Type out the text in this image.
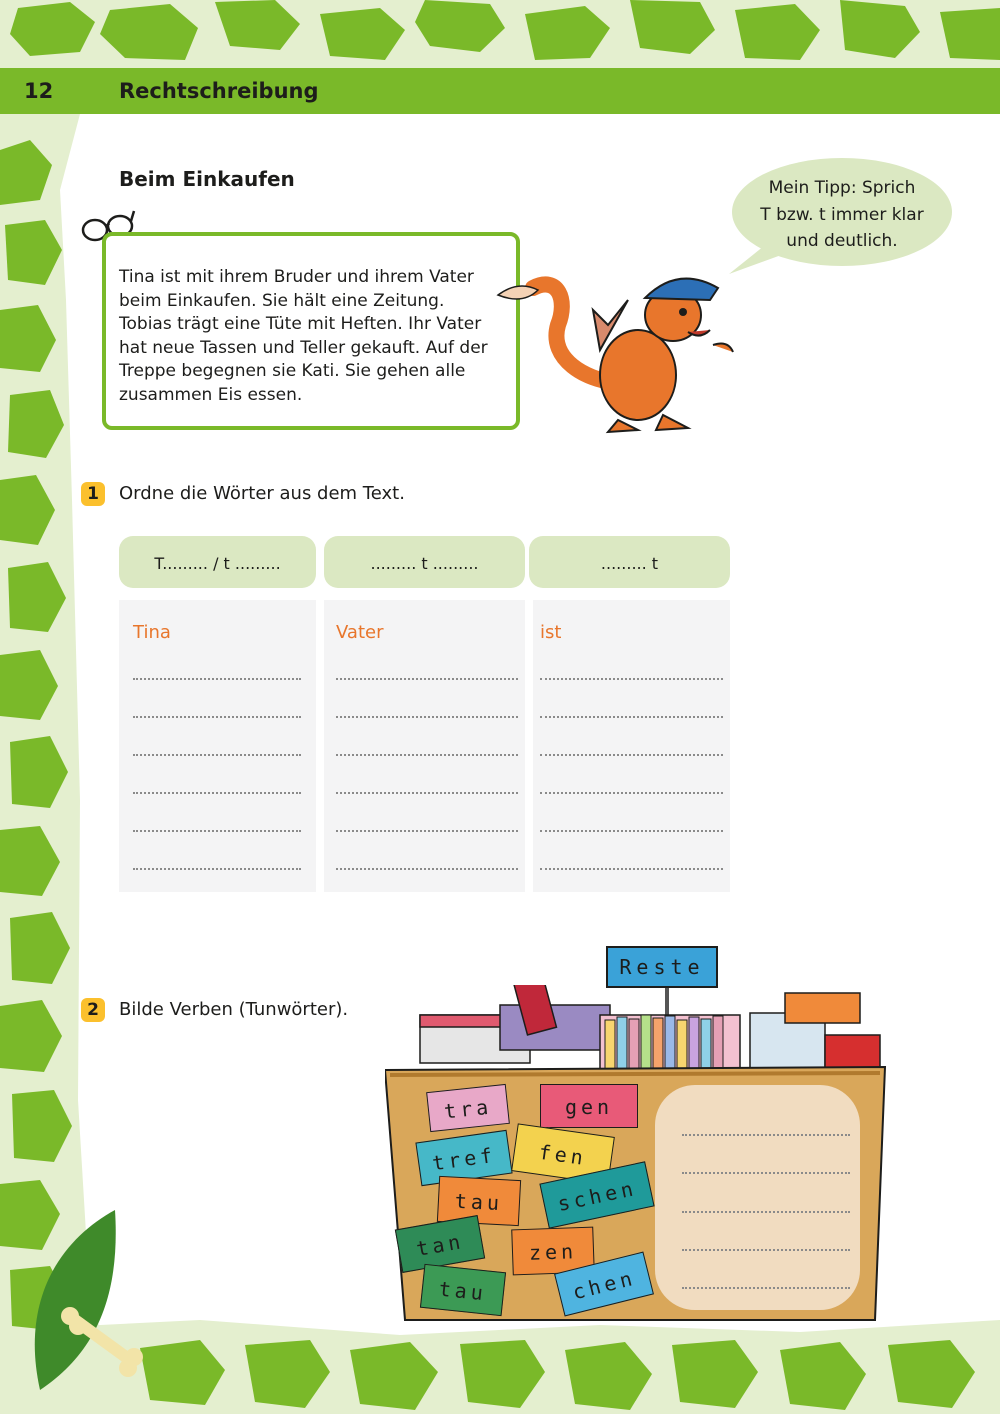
12	Rechtschreibung
Beim Einkaufen
Tina ist mit ihrem Bruder und ihrem Vater
beim Einkaufen. Sie hält eine Zeitung.
Tobias trägt eine Tüte mit Heften. Ihr Vater
hat neue Tassen und Teller gekauft. Auf der
Treppe begegnen sie Kati. Sie gehen alle
zusammen Eis essen.
Mein Tipp: Sprich
T bzw. t immer klar
und deutlich.
1	Ordne die Wörter aus dem Text.
T......... / t .........	......... t .........	......... t
Tina	Vater	ist
2	Bilde Verben (Tunwörter).
Reste
tra	gen
tref	fen
tau	schen
tan	zen
tau	chen
